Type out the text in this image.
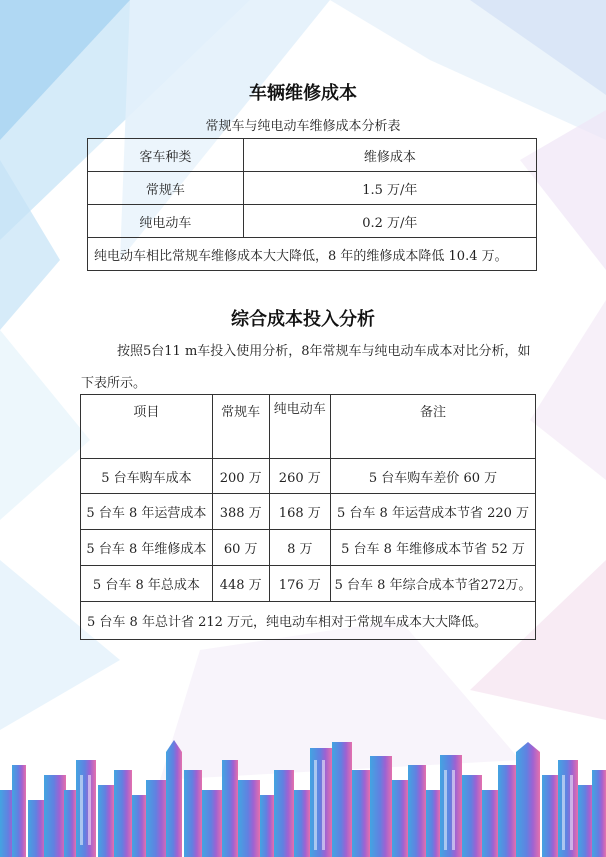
车辆维修成本
常规车与纯电动车维修成本分析表
客车种类	维修成本
常规车	1.5 万/年
纯电动车	0.2 万/年
纯电动车相比常规车维修成本大大降低，8 年的维修成本降低 10.4 万。	
综合成本投入分析
按照5台11 m车投入使用分析，8年常规车与纯电动车成本对比分析，如
下表所示。
项目	常规车	纯电动车	备注
5 台车购车成本	200 万	260 万	5 台车购车差价 60 万
5 台车 8 年运营成本	388 万	168 万	5 台车 8 年运营成本节省 220 万
5 台车 8 年维修成本	60 万	8 万	5 台车 8 年维修成本节省 52 万
5 台车 8 年总成本	448 万	176 万	5 台车 8 年综合成本节省272万。
5 台车 8 年总计省 212 万元，纯电动车相对于常规车成本大大降低。			
